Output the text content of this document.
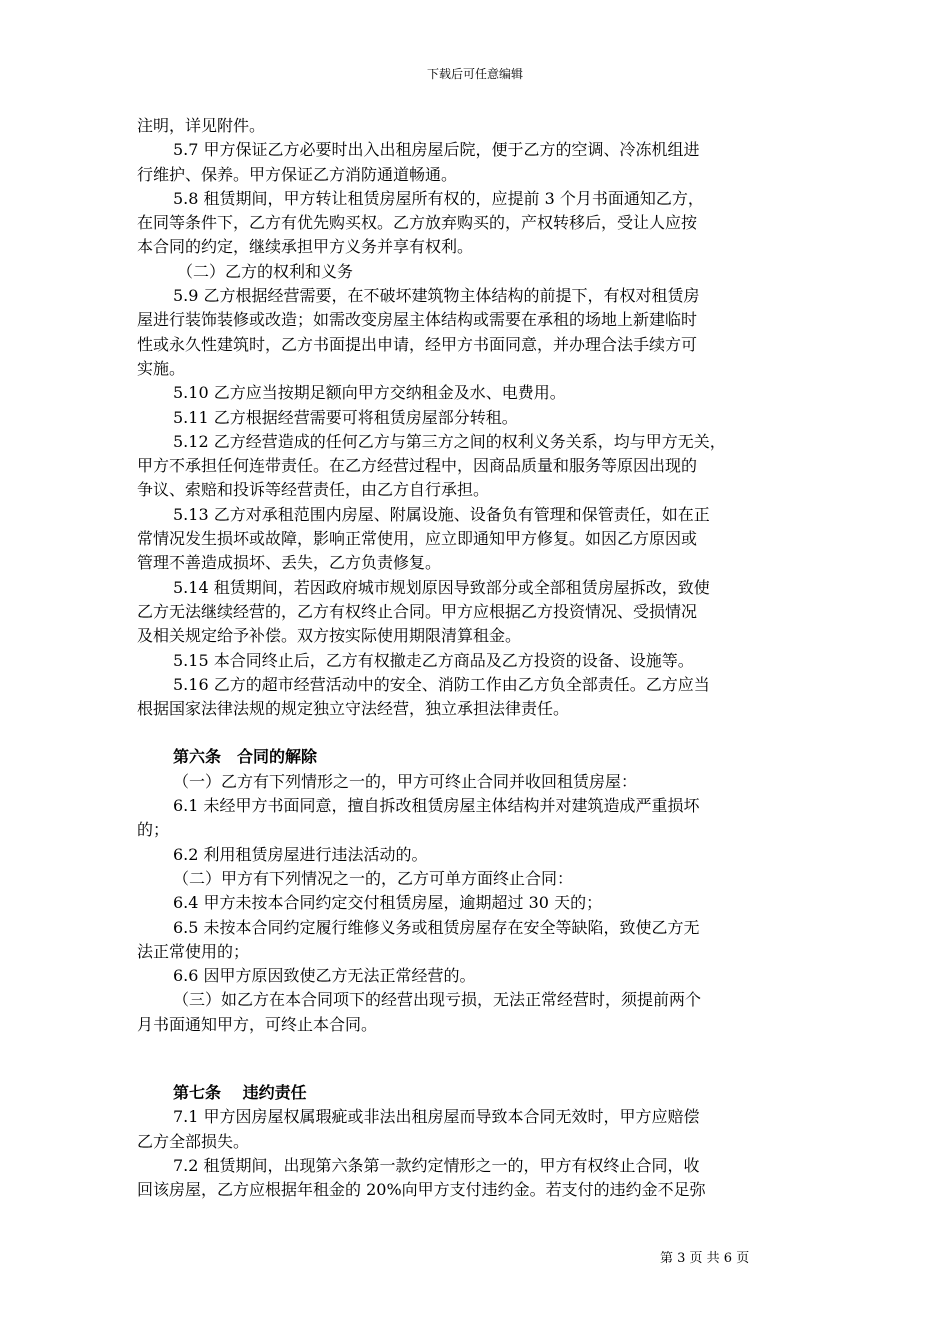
下载后可任意编辑

注明，详见附件。

5.7 甲方保证乙方必要时出入出租房屋后院，便于乙方的空调、冷冻机组进

行维护、保养。甲方保证乙方消防通道畅通。

5.8 租赁期间，甲方转让租赁房屋所有权的，应提前 3 个月书面通知乙方，

在同等条件下，乙方有优先购买权。乙方放弃购买的，产权转移后，受让人应按

本合同的约定，继续承担甲方义务并享有权利。

（二）乙方的权利和义务

5.9 乙方根据经营需要，在不破坏建筑物主体结构的前提下，有权对租赁房

屋进行装饰装修或改造；如需改变房屋主体结构或需要在承租的场地上新建临时

性或永久性建筑时，乙方书面提出申请，经甲方书面同意，并办理合法手续方可

实施。

5.10 乙方应当按期足额向甲方交纳租金及水、电费用。

5.11 乙方根据经营需要可将租赁房屋部分转租。

5.12 乙方经营造成的任何乙方与第三方之间的权利义务关系，均与甲方无关，

甲方不承担任何连带责任。在乙方经营过程中，因商品质量和服务等原因出现的

争议、索赔和投诉等经营责任，由乙方自行承担。

5.13 乙方对承租范围内房屋、附属设施、设备负有管理和保管责任，如在正

常情况发生损坏或故障，影响正常使用，应立即通知甲方修复。如因乙方原因或

管理不善造成损坏、丢失，乙方负责修复。

5.14 租赁期间，若因政府城市规划原因导致部分或全部租赁房屋拆改，致使

乙方无法继续经营的，乙方有权终止合同。甲方应根据乙方投资情况、受损情况

及相关规定给予补偿。双方按实际使用期限清算租金。

5.15 本合同终止后，乙方有权撤走乙方商品及乙方投资的设备、设施等。

5.16 乙方的超市经营活动中的安全、消防工作由乙方负全部责任。乙方应当

根据国家法律法规的规定独立守法经营，独立承担法律责任。

第六条　合同的解除

（一）乙方有下列情形之一的，甲方可终止合同并收回租赁房屋：

6.1 未经甲方书面同意，擅自拆改租赁房屋主体结构并对建筑造成严重损坏

的；

6.2 利用租赁房屋进行违法活动的。

（二）甲方有下列情况之一的，乙方可单方面终止合同：

6.4 甲方未按本合同约定交付租赁房屋，逾期超过 30 天的；

6.5 未按本合同约定履行维修义务或租赁房屋存在安全等缺陷，致使乙方无

法正常使用的；

6.6 因甲方原因致使乙方无法正常经营的。

（三）如乙方在本合同项下的经营出现亏损，无法正常经营时，须提前两个

月书面通知甲方，可终止本合同。

第七条　 违约责任

7.1 甲方因房屋权属瑕疵或非法出租房屋而导致本合同无效时，甲方应赔偿

乙方全部损失。

7.2 租赁期间，出现第六条第一款约定情形之一的，甲方有权终止合同，收

回该房屋，乙方应根据年租金的 20%向甲方支付违约金。若支付的违约金不足弥

第 3 页 共 6 页
